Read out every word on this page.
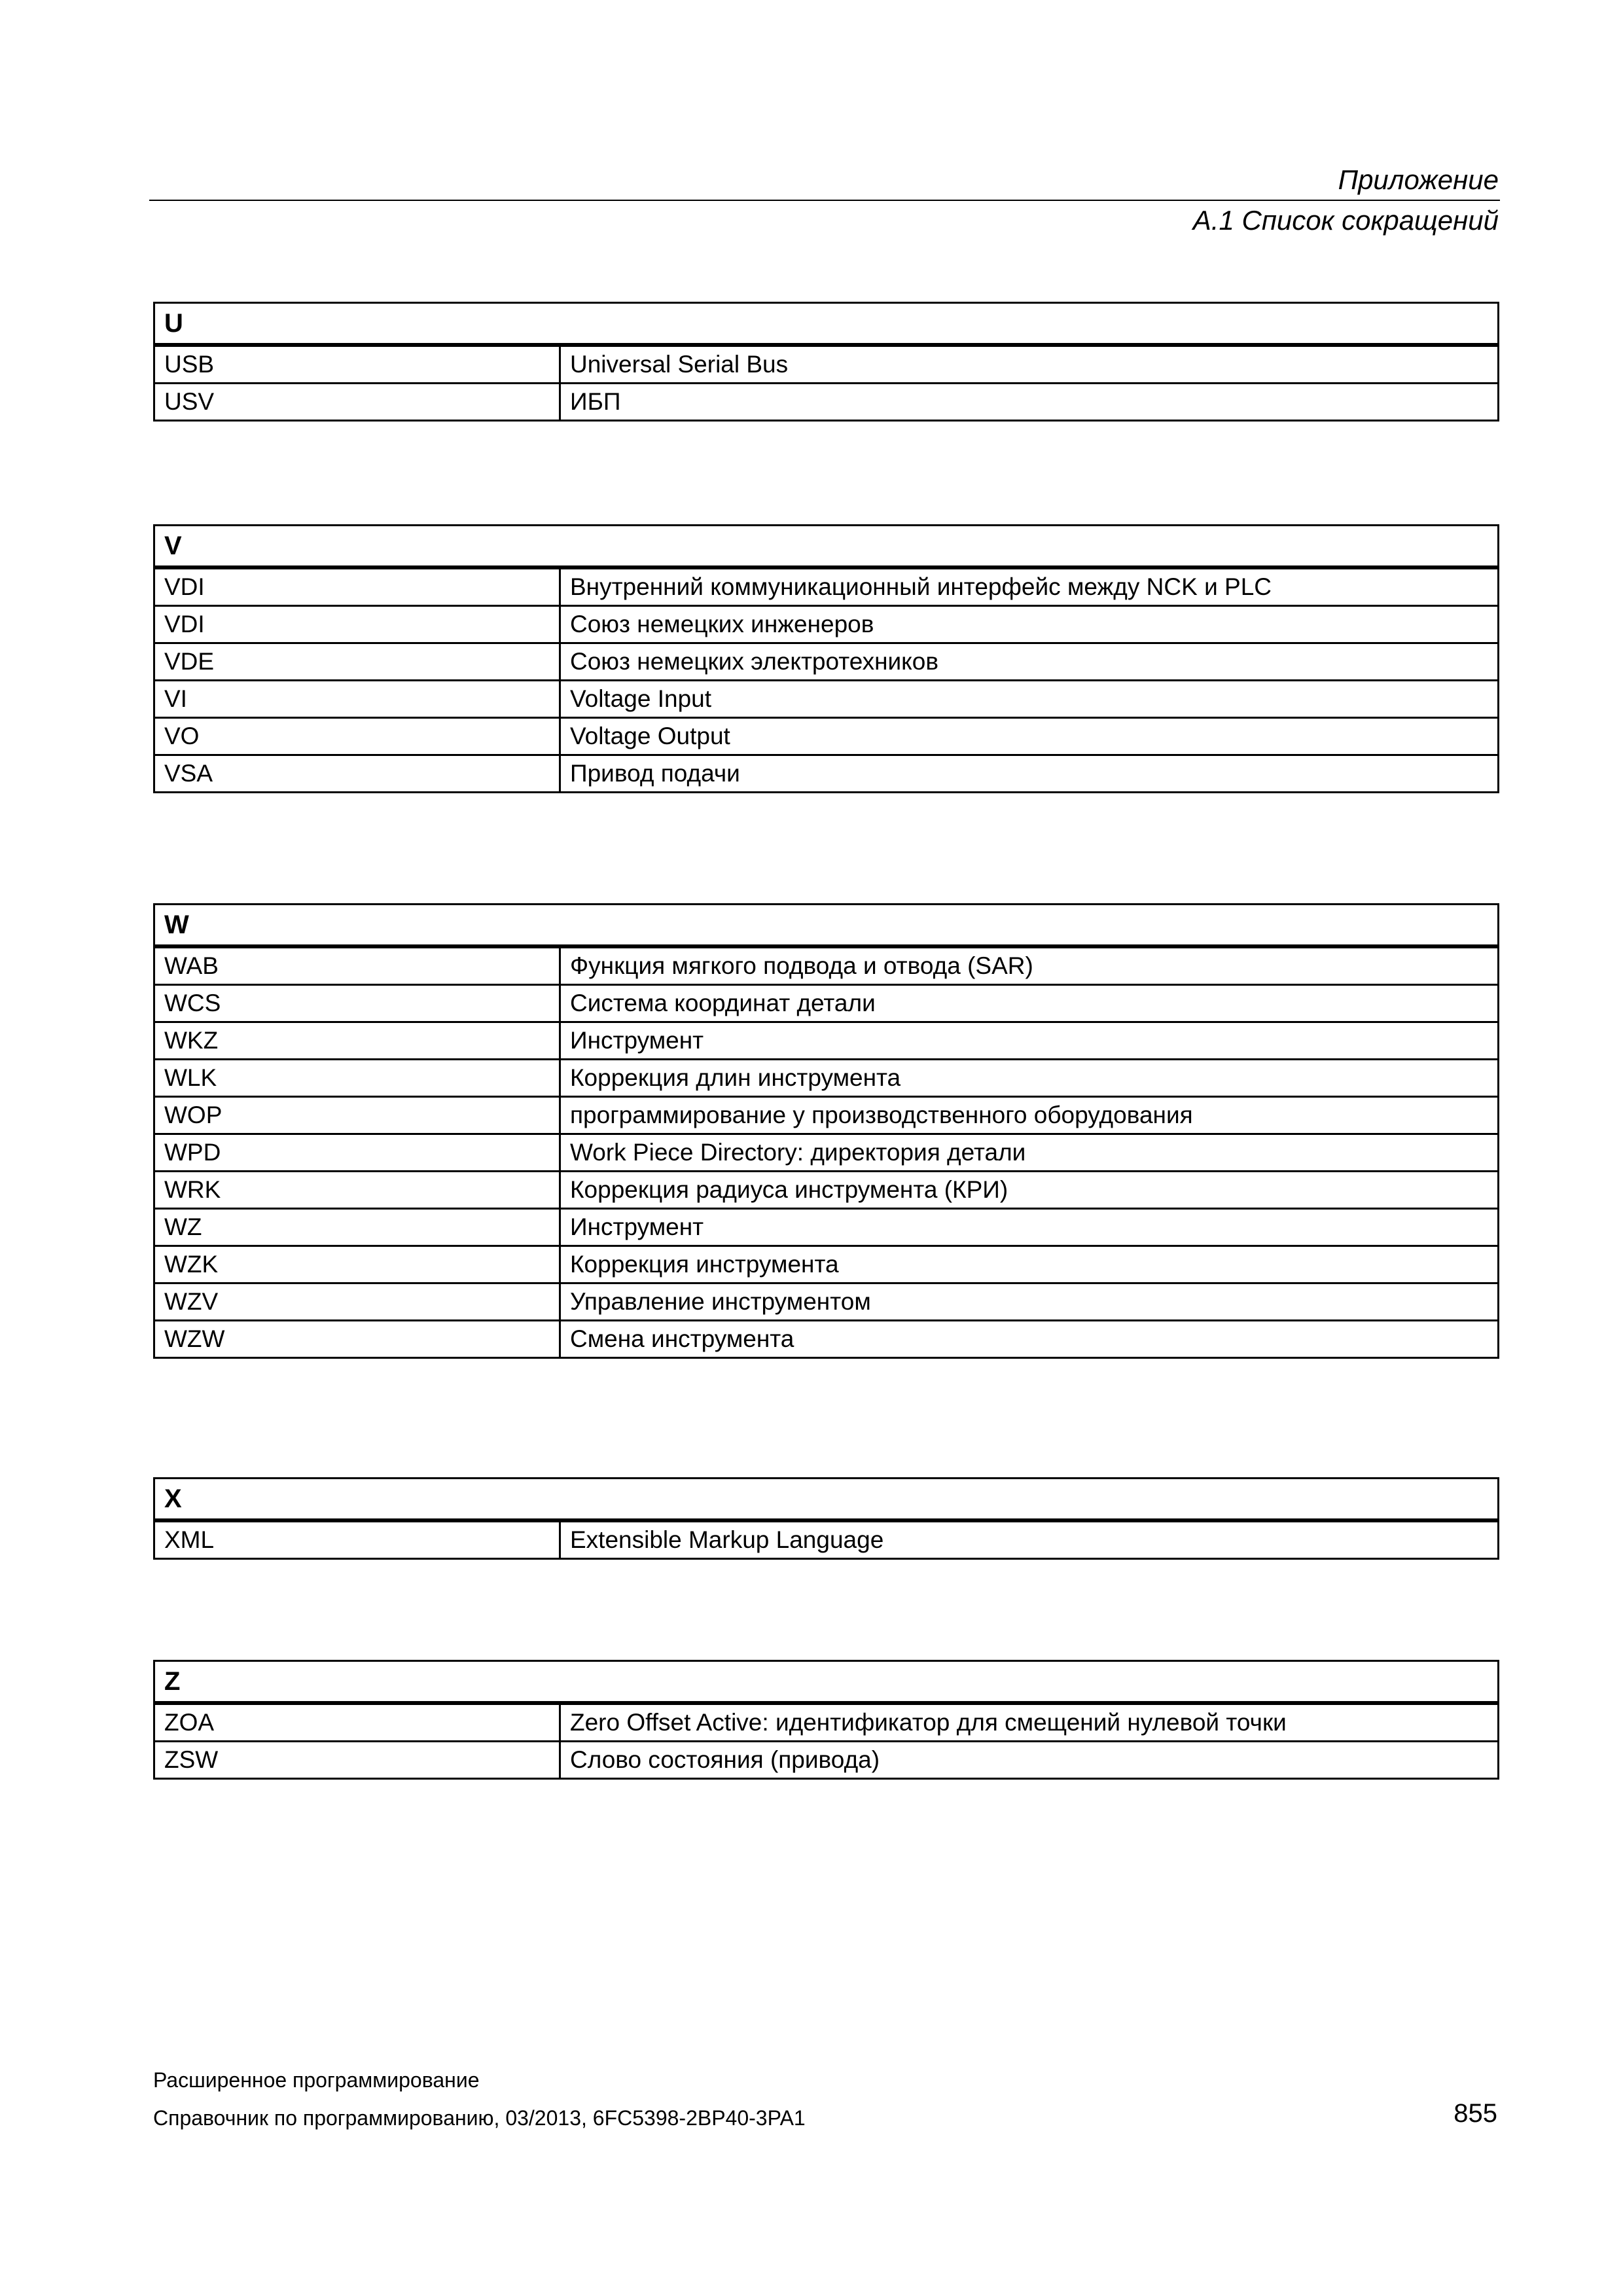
Приложение
A.1 Список сокращений
U	
USB	Universal Serial Bus
USV	ИБП
V	
VDI	Внутренний коммуникационный интерфейс между NCK и PLC
VDI	Союз немецких инженеров
VDE	Союз немецких электротехников
VI	Voltage Input
VO	Voltage Output
VSA	Привод подачи
W	
WAB	Функция мягкого подвода и отвода (SAR)
WCS	Система координат детали
WKZ	Инструмент
WLK	Коррекция длин инструмента
WOP	программирование у производственного оборудования
WPD	Work Piece Directory: директория детали
WRK	Коррекция радиуса инструмента (КРИ)
WZ	Инструмент
WZK	Коррекция инструмента
WZV	Управление инструментом
WZW	Смена инструмента
X
XML	Extensible Markup Language
Z	
ZOA	Zero Offset Active: идентификатор для смещений нулевой точки
ZSW	Слово состояния (привода)
Расширенное программирование
Справочник по программированию, 03/2013, 6FC5398-2BP40-3PA1	855
